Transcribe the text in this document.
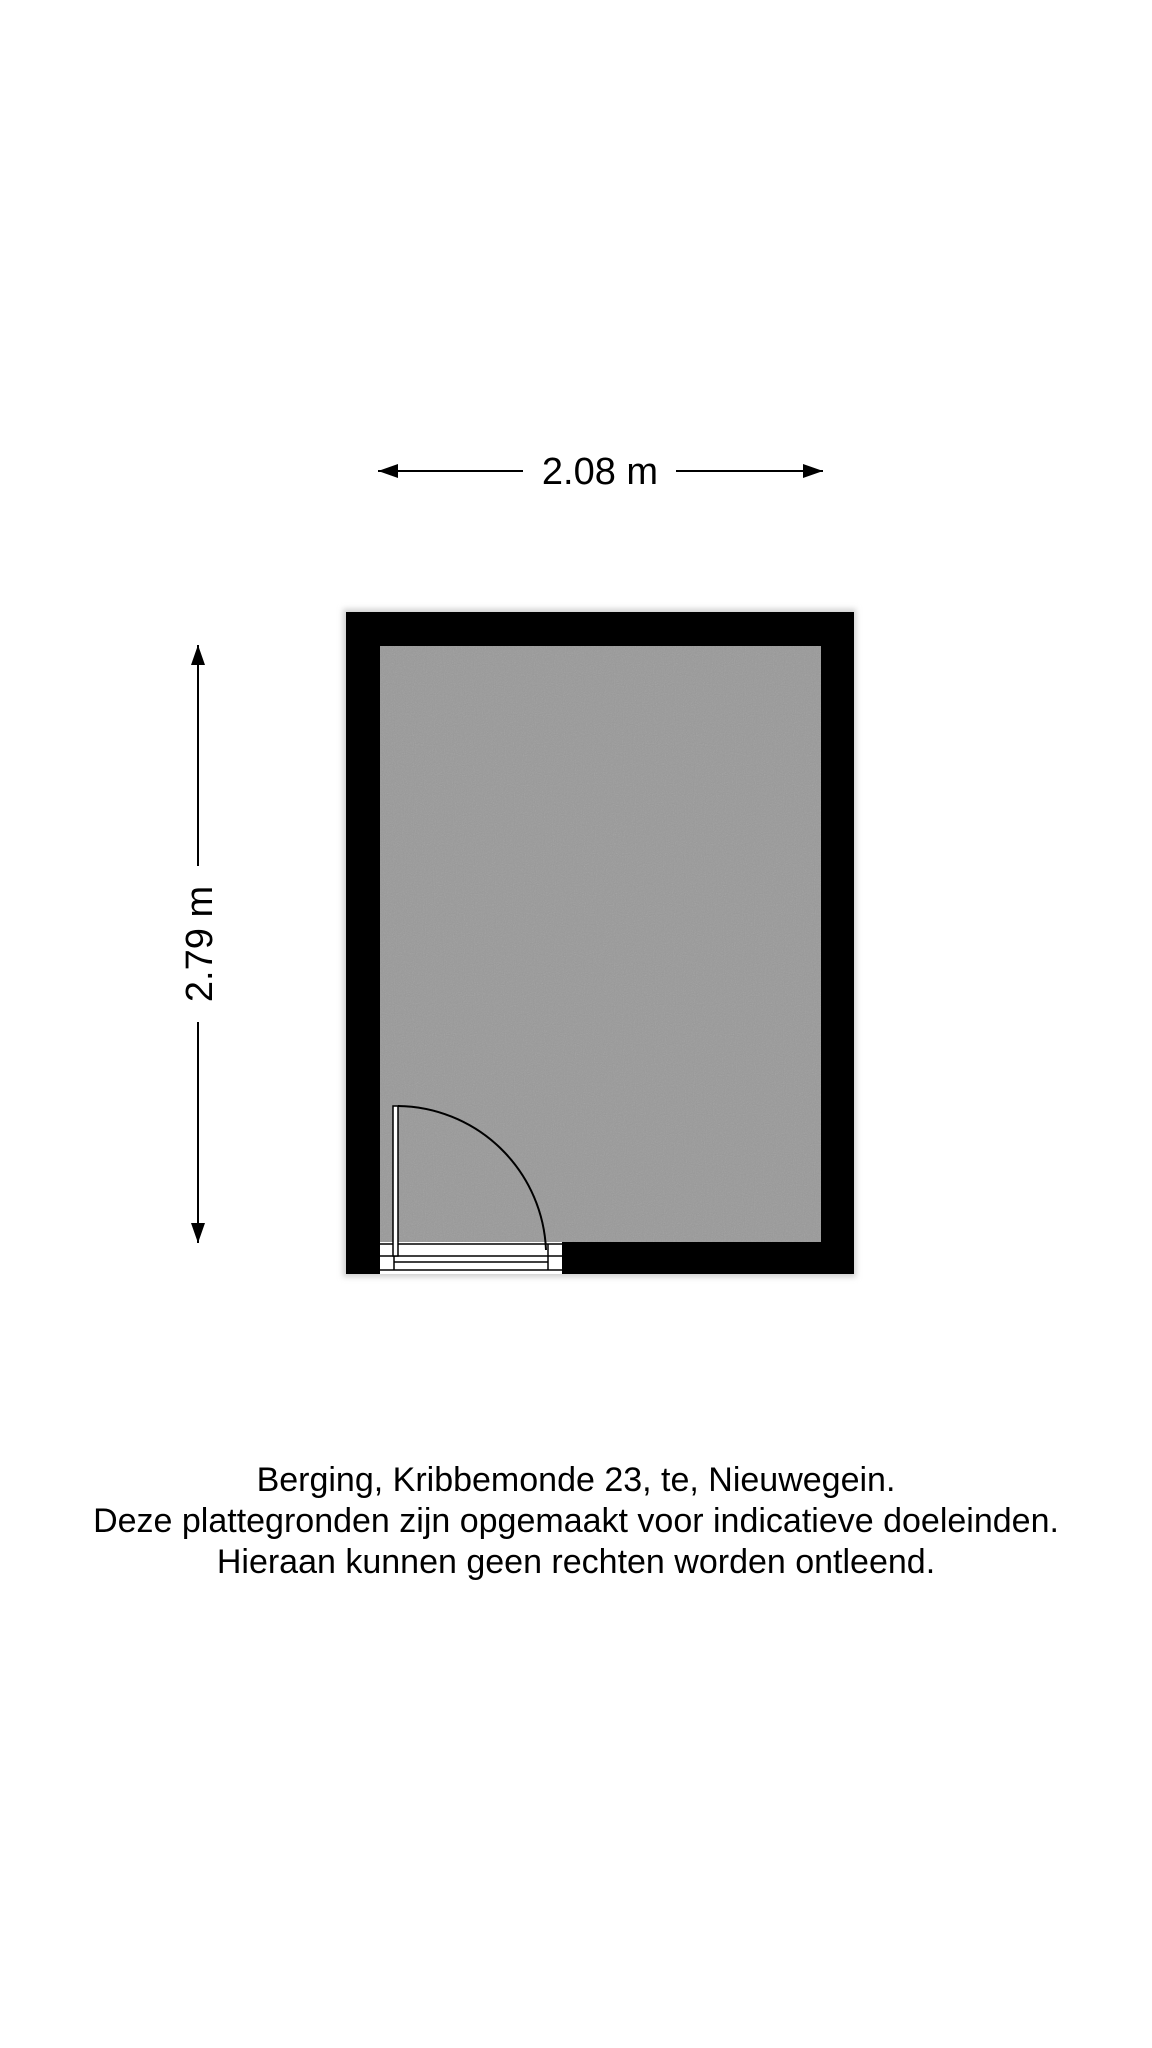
2.08 m
2.79 m
Berging, Kribbemonde 23, te, Nieuwegein.
Deze plattegronden zijn opgemaakt voor indicatieve doeleinden.
Hieraan kunnen geen rechten worden ontleend.
